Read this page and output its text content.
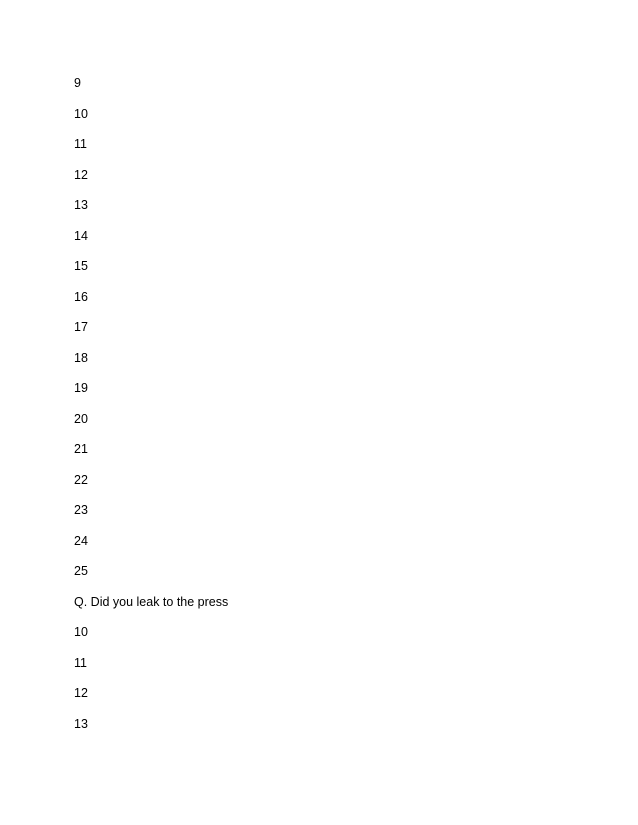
9
10
11
12
13
14
15
16
17
18
19
20
21
22
23
24
25
Q. Did you leak to the press
10
11
12
13
